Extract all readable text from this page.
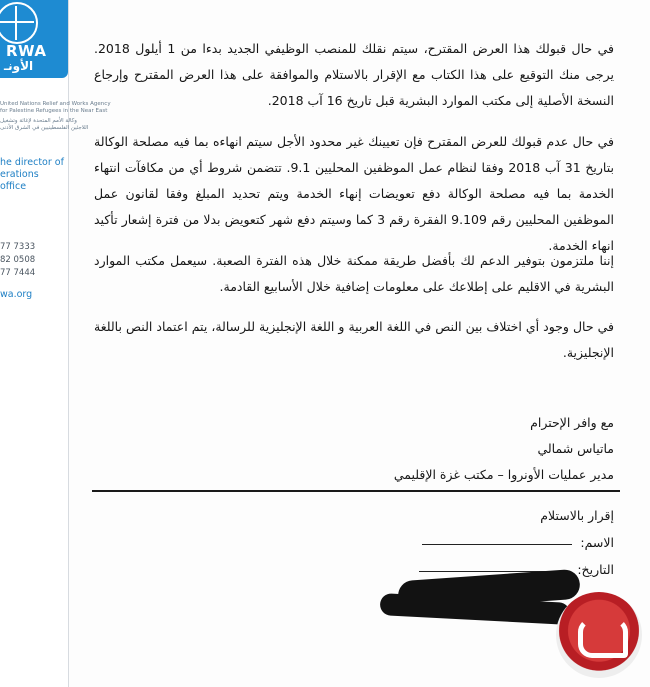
RWA
الأونـ
United Nations Relief and Works Agency
for Palestine Refugees in the Near East
وكالة الأمم المتحدة لإغاثة وتشغيل
اللاجئين الفلسطينيين في الشرق الأدنى
he director of
erations
office
77 7333
82 0508
77 7444
wa.org
في حال قبولك هذا العرض المقترح، سيتم نقلك للمنصب الوظيفي الجديد بدءا من 1 أيلول 2018. يرجى منك التوقيع على هذا الكتاب مع الإقرار بالاستلام والموافقة على هذا العرض المقترح وإرجاع النسخة الأصلية إلى مكتب الموارد البشرية قبل تاريخ 16 آب 2018.
في حال عدم قبولك للعرض المقترح فإن تعيينك غير محدود الأجل سيتم انهاءه بما فيه مصلحة الوكالة بتاريخ 31 آب 2018 وفقا لنظام عمل الموظفين المحليين 9.1. تتضمن شروط أي من مكافآت انتهاء الخدمة بما فيه مصلحة الوكالة دفع تعويضات إنهاء الخدمة ويتم تحديد المبلغ وفقا لقانون عمل الموظفين المحليين رقم 9.109 الفقرة رقم 3 كما وسيتم دفع شهر كتعويض بدلا من فترة إشعار تأكيد انهاء الخدمة.
إننا ملتزمون بتوفير الدعم لك بأفضل طريقة ممكنة خلال هذه الفترة الصعبة. سيعمل مكتب الموارد البشرية في الاقليم على إطلاعك على معلومات إضافية خلال الأسابيع القادمة.
في حال وجود أي اختلاف بين النص في اللغة العربية و اللغة الإنجليزية للرسالة، يتم اعتماد النص باللغة الإنجليزية.
مع وافر الإحترام
ماتياس شمالي
مدير عمليات الأونروا – مكتب غزة الإقليمي
إقرار بالاستلام
الاسم:
التاريخ:
